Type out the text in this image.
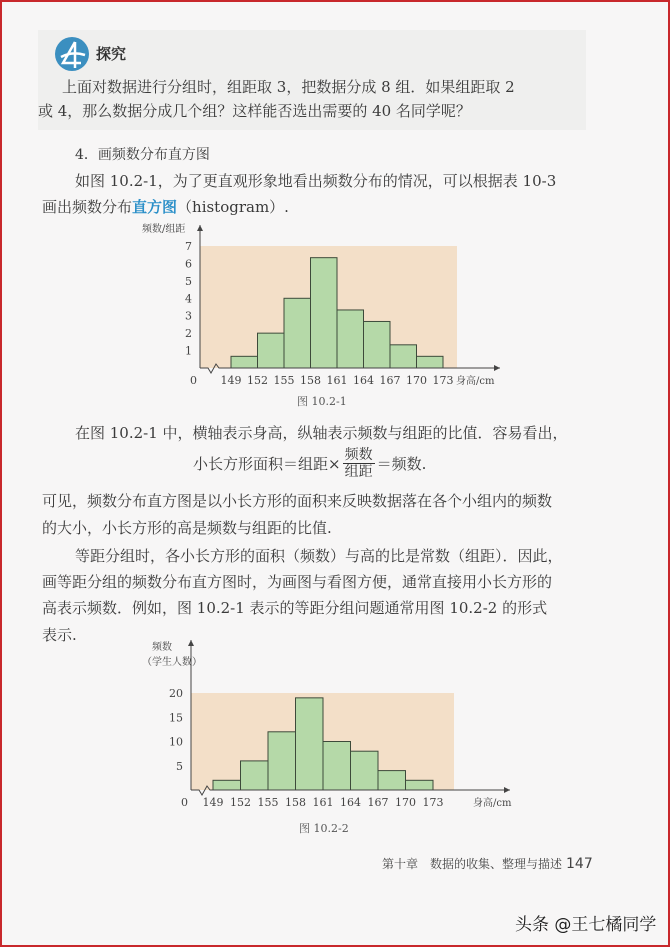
探究
上面对数据进行分组时，组距取 3，把数据分成 8 组．如果组距取 2
或 4，那么数据分成几个组？这样能否选出需要的 40 名同学呢？
4．画频数分布直方图
如图 10.2-1，为了更直观形象地看出频数分布的情况，可以根据表 10-3
画出频数分布直方图（histogram）.
1
2
3
4
5
6
7
149 152 155 158 161 164 167 170 173
0	身高/cm
频数/组距
图 10.2-1
在图 10.2-1 中，横轴表示身高，纵轴表示频数与组距的比值．容易看出，
小长方形面积＝组距× $\frac{\text{频数}}{\text{组距}}$ ＝频数.
可见，频数分布直方图是以小长方形的面积来反映数据落在各个小组内的频数
的大小，小长方形的高是频数与组距的比值.
等距分组时，各小长方形的面积（频数）与高的比是常数（组距）．因此，
画等距分组的频数分布直方图时，为画图与看图方便，通常直接用小长方形的
高表示频数．例如，图 10.2-1 表示的等距分组问题通常用图 10.2-2 的形式
表示.
5
10
15
20
149 152 155 158 161 164 167 170 173
0	身高/cm
频数
（学生人数）
图 10.2-2
第十章　数据的收集、整理与描述 147
头条 @王七橘同学
